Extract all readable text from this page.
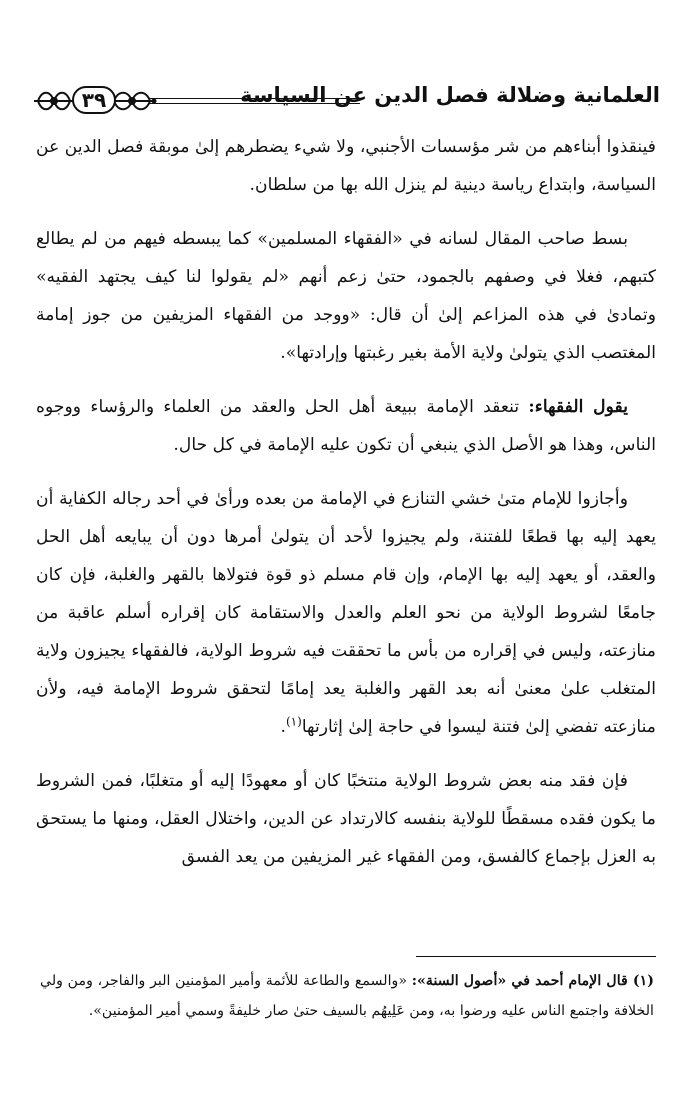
العلمانية وضلالة فصل الدين عن السياسة
٣٩

فينقذوا أبناءهم من شر مؤسسات الأجنبي، ولا شيء يضطرهم إلىٰ موبقة فصل الدين عن السياسة، وابتداع رياسة دينية لم ينزل الله بها من سلطان.

بسط صاحب المقال لسانه في «الفقهاء المسلمين» كما يبسطه فيهم من لم يطالع كتبهم، فغلا في وصفهم بالجمود، حتىٰ زعم أنهم «لم يقولوا لنا كيف يجتهد الفقيه» وتمادىٰ في هذه المزاعم إلىٰ أن قال: «ووجد من الفقهاء المزيفين من جوز إمامة المغتصب الذي يتولىٰ ولاية الأمة بغير رغبتها وإرادتها».

يقول الفقهاء: تنعقد الإمامة ببيعة أهل الحل والعقد من العلماء والرؤساء ووجوه الناس، وهذا هو الأصل الذي ينبغي أن تكون عليه الإمامة في كل حال.

وأجازوا للإمام متىٰ خشي التنازع في الإمامة من بعده ورأىٰ في أحد رجاله الكفاية أن يعهد إليه بها قطعًا للفتنة، ولم يجيزوا لأحد أن يتولىٰ أمرها دون أن يبايعه أهل الحل والعقد، أو يعهد إليه بها الإمام، وإن قام مسلم ذو قوة فتولاها بالقهر والغلبة، فإن كان جامعًا لشروط الولاية من نحو العلم والعدل والاستقامة كان إقراره أسلم عاقبة من منازعته، وليس في إقراره من بأس ما تحققت فيه شروط الولاية، فالفقهاء يجيزون ولاية المتغلب علىٰ معنىٰ أنه بعد القهر والغلبة يعد إمامًا لتحقق شروط الإمامة فيه، ولأن منازعته تفضي إلىٰ فتنة ليسوا في حاجة إلىٰ إثارتها$^{(١)}$.

فإن فقد منه بعض شروط الولاية منتخبًا كان أو معهودًا إليه أو متغلبًا، فمن الشروط ما يكون فقده مسقطًا للولاية بنفسه كالارتداد عن الدين، واختلال العقل، ومنها ما يستحق به العزل بإجماع كالفسق، ومن الفقهاء غير المزيفين من يعد الفسق

(١) قال الإمام أحمد في «أصول السنة»: «والسمع والطاعة للأئمة وأمير المؤمنين البر والفاجر، ومن ولي الخلافة واجتمع الناس عليه ورضوا به، ومن عَلِيهُم بالسيف حتىٰ صار خليفةً وسمي أمير المؤمنين».
